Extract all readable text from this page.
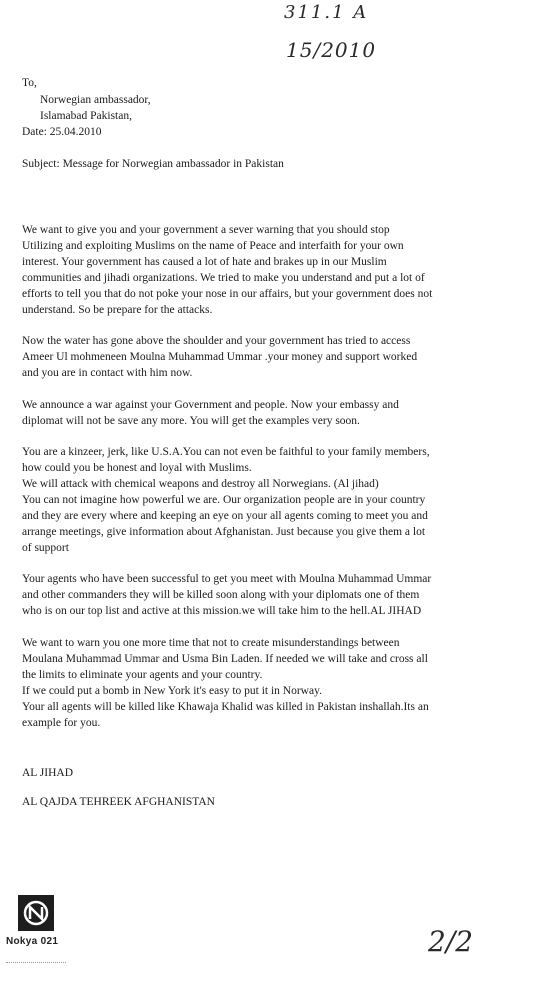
311.1 A
15/2010
To,
Norwegian ambassador,
Islamabad Pakistan,
Date: 25.04.2010
Subject: Message for Norwegian ambassador in Pakistan
We want to give you and your government a sever warning that you should stop
Utilizing and exploiting Muslims on the name of Peace and interfaith for your own
interest. Your government has caused a lot of hate and brakes up in our Muslim
communities and jihadi organizations. We tried to make you understand and put a lot of
efforts to tell you that do not poke your nose in our affairs, but your government does not
understand. So be prepare for the attacks.
Now the water has gone above the shoulder and your government has tried to access
Ameer Ul mohmeneen Moulna Muhammad Ummar .your money and support worked
and you are in contact with him now.
We announce a war against your Government and people. Now your embassy and
diplomat will not be save any more. You will get the examples very soon.
You are a kinzeer, jerk, like U.S.A.You can not even be faithful to your family members,
how could you be honest and loyal with Muslims.
We will attack with chemical weapons and destroy all Norwegians. (Al jihad)
You can not imagine how powerful we are. Our organization people are in your country
and they are every where and keeping an eye on your all agents coming to meet you and
arrange meetings, give information about Afghanistan. Just because you give them a lot
of support
Your agents who have been successful to get you meet with Moulna Muhammad Ummar
and other commanders they will be killed soon along with your diplomats one of them
who is on our top list and active at this mission.we will take him to the hell.AL JIHAD
We want to warn you one more time that not to create misunderstandings between
Moulana Muhammad Ummar and Usma Bin Laden. If needed we will take and cross all
the limits to eliminate your agents and your country.
If we could put a bomb in New York it's easy to put it in Norway.
Your all agents will be killed like Khawaja Khalid was killed in Pakistan inshallah.Its an
example for you.
AL JIHAD
AL QAJDA TEHREEK AFGHANISTAN
Nokya 021	2/2
